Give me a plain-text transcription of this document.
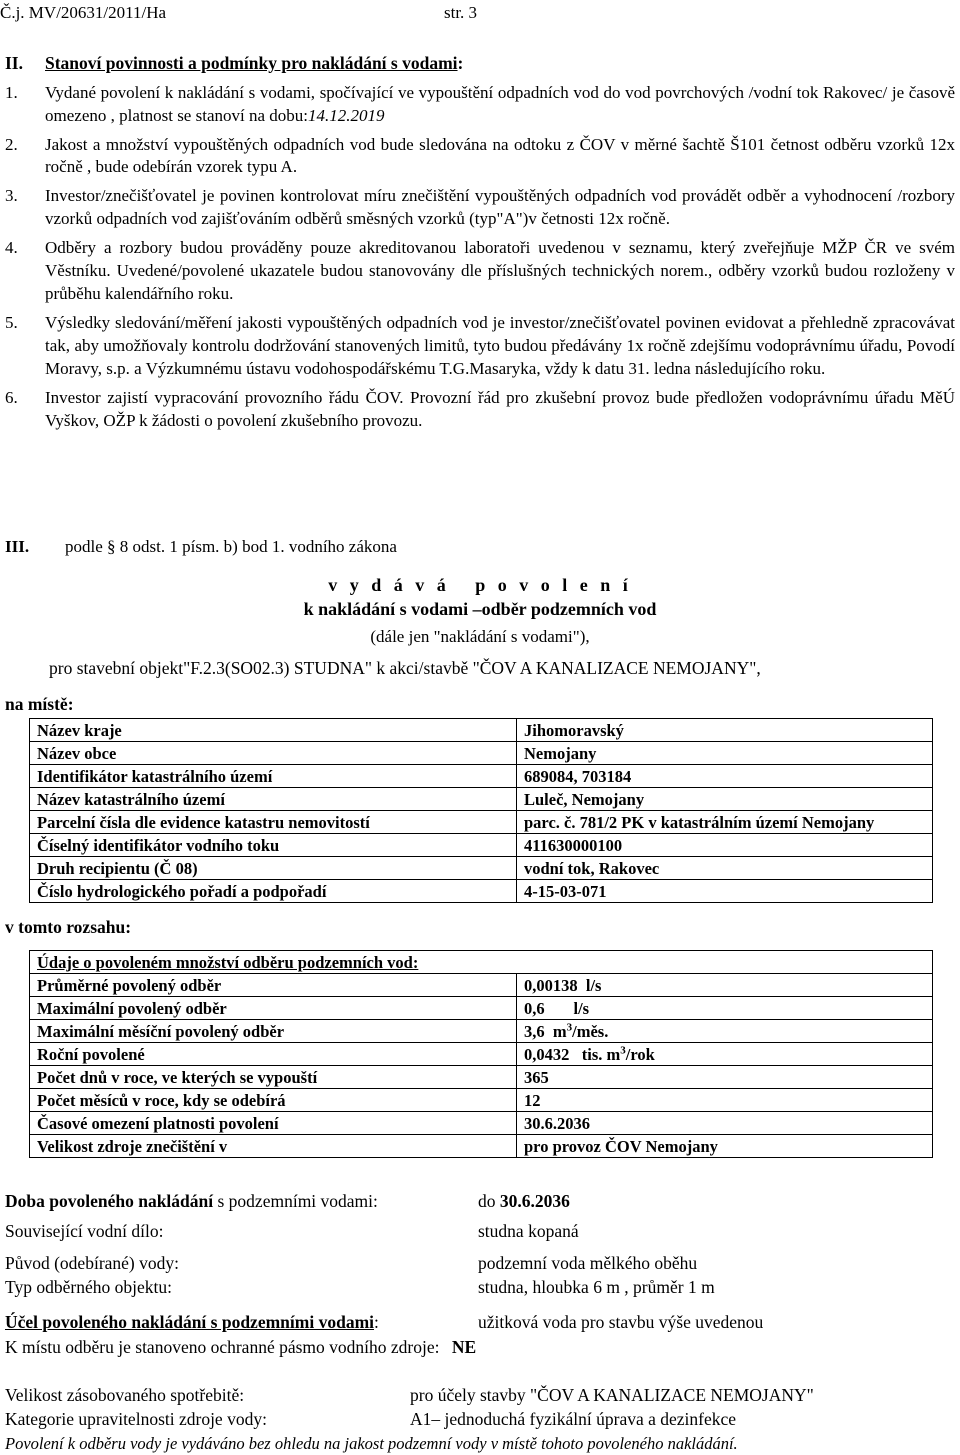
Č.j. MV/20631/2011/Ha	str. 3
II. Stanoví povinnosti a podmínky pro nakládání s vodami:
1. Vydané povolení k nakládání s vodami, spočívající ve vypouštění odpadních vod do vod povrchových /vodní tok Rakovec/ je časově omezeno , platnost se stanoví na dobu:14.12.2019
2. Jakost a množství vypouštěných odpadních vod bude sledována na odtoku z ČOV v měrné šachtě Š101 četnost odběru vzorků 12x ročně , bude odebírán vzorek typu A.
3. Investor/znečišťovatel je povinen kontrolovat míru znečištění vypouštěných odpadních vod provádět odběr a vyhodnocení /rozbory vzorků odpadních vod zajišťováním odběrů směsných vzorků (typ"A")v četnosti 12x ročně.
4. Odběry a rozbory budou prováděny pouze akreditovanou laboratoři uvedenou v seznamu, který zveřejňuje MŽP ČR ve svém Věstníku. Uvedené/povolené ukazatele budou stanovovány dle příslušných technických norem., odběry vzorků budou rozloženy v průběhu kalendářního roku.
5. Výsledky sledování/měření jakosti vypouštěných odpadních vod je investor/znečišťovatel povinen evidovat a přehledně zpracovávat tak, aby umožňovaly kontrolu dodržování stanovených limitů, tyto budou předávány 1x ročně zdejšímu vodoprávnímu úřadu, Povodí Moravy, s.p. a Výzkumnému ústavu vodohospodářskému T.G.Masaryka, vždy k datu 31. ledna následujícího roku.
6. Investor zajistí vypracování provozního řádu ČOV. Provozní řád pro zkušební provoz bude předložen vodoprávnímu úřadu MěÚ Vyškov, OŽP k žádosti o povolení zkušebního provozu.
III. podle § 8 odst. 1 písm. b) bod 1. vodního zákona
v y d á v á   p o v o l e n í
k nakládání s vodami –odběr podzemních vod
(dále jen "nakládání s vodami"),
pro stavební objekt"F.2.3(SO02.3) STUDNA" k akci/stavbě "ČOV A KANALIZACE NEMOJANY",
na místě:
Název kraje	Jihomoravský
Název obce	Nemojany
Identifikátor katastrálního území	689084, 703184
Název katastrálního území	Luleč, Nemojany
Parcelní čísla dle evidence katastru nemovitostí	parc. č. 781/2 PK v katastrálním území Nemojany
Číselný identifikátor vodního toku	411630000100
Druh recipientu (Č 08)	vodní tok, Rakovec
Číslo hydrologického pořadí a podpořadí	4-15-03-071
v tomto rozsahu:
Údaje o povoleném množství odběru podzemních vod:	
Průměrné povolený odběr	0,00138  l/s
Maximální povolený odběr	0,6       l/s
Maximální měsíční povolený odběr	3,6  $m^3$/měs.
Roční povolené	0,0432   tis. $m^3$/rok
Počet dnů v roce, ve kterých se vypouští	365
Počet měsíců v roce, kdy se odebírá	12
Časové omezení platnosti povolení	30.6.2036
Velikost zdroje znečištění v	pro provoz ČOV Nemojany
Doba povoleného nakládání s podzemními vodami:	do 30.6.2036
Související vodní dílo:	studna kopaná
Původ (odebírané) vody:	podzemní voda mělkého oběhu
Typ odběrného objektu:	studna, hloubka 6 m , průměr 1 m
Účel povoleného nakládání s podzemními vodami:	užitková voda pro stavbu výše uvedenou
K místu odběru je stanoveno ochranné pásmo vodního zdroje: NE
Velikost zásobovaného spotřebitě:	pro účely stavby "ČOV A KANALIZACE NEMOJANY"
Kategorie upravitelnosti zdroje vody:	A1– jednoduchá fyzikální úprava a dezinfekce
Povolení k odběru vody je vydáváno bez ohledu na jakost podzemní vody v místě tohoto povoleného nakládání.
